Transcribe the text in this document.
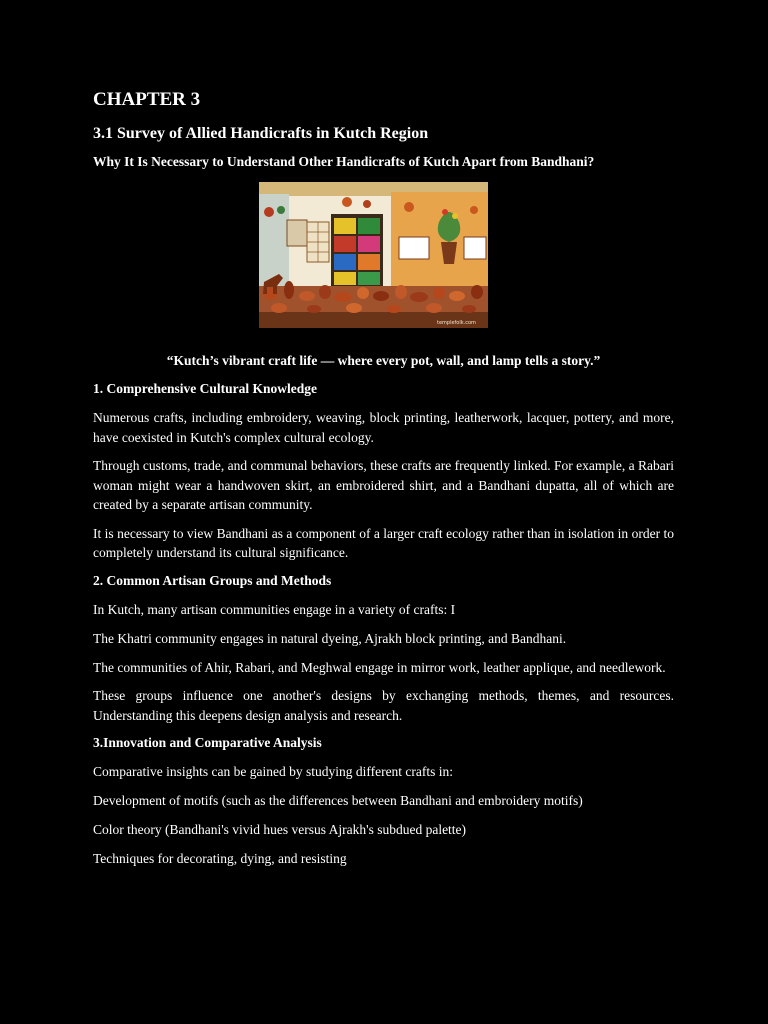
CHAPTER 3
3.1 Survey of Allied Handicrafts in Kutch Region
Why It Is Necessary to Understand Other Handicrafts of Kutch Apart from Bandhani?
templefolk.com
“Kutch’s vibrant craft life — where every pot, wall, and lamp tells a story.”
1. Comprehensive Cultural Knowledge
Numerous crafts, including embroidery, weaving, block printing, leatherwork, lacquer, pottery, and more, have coexisted in Kutch's complex cultural ecology.
Through customs, trade, and communal behaviors, these crafts are frequently linked. For example, a Rabari woman might wear a handwoven skirt, an embroidered shirt, and a Bandhani dupatta, all of which are created by a separate artisan community.
It is necessary to view Bandhani as a component of a larger craft ecology rather than in isolation in order to completely understand its cultural significance.
2. Common Artisan Groups and Methods
In Kutch, many artisan communities engage in a variety of crafts: I
The Khatri community engages in natural dyeing, Ajrakh block printing, and Bandhani.
The communities of Ahir, Rabari, and Meghwal engage in mirror work, leather applique, and needlework.
These groups influence one another's designs by exchanging methods, themes, and resources. Understanding this deepens design analysis and research.
3.Innovation and Comparative Analysis
Comparative insights can be gained by studying different crafts in:
Development of motifs (such as the differences between Bandhani and embroidery motifs)
Color theory (Bandhani's vivid hues versus Ajrakh's subdued palette)
Techniques for decorating, dying, and resisting
